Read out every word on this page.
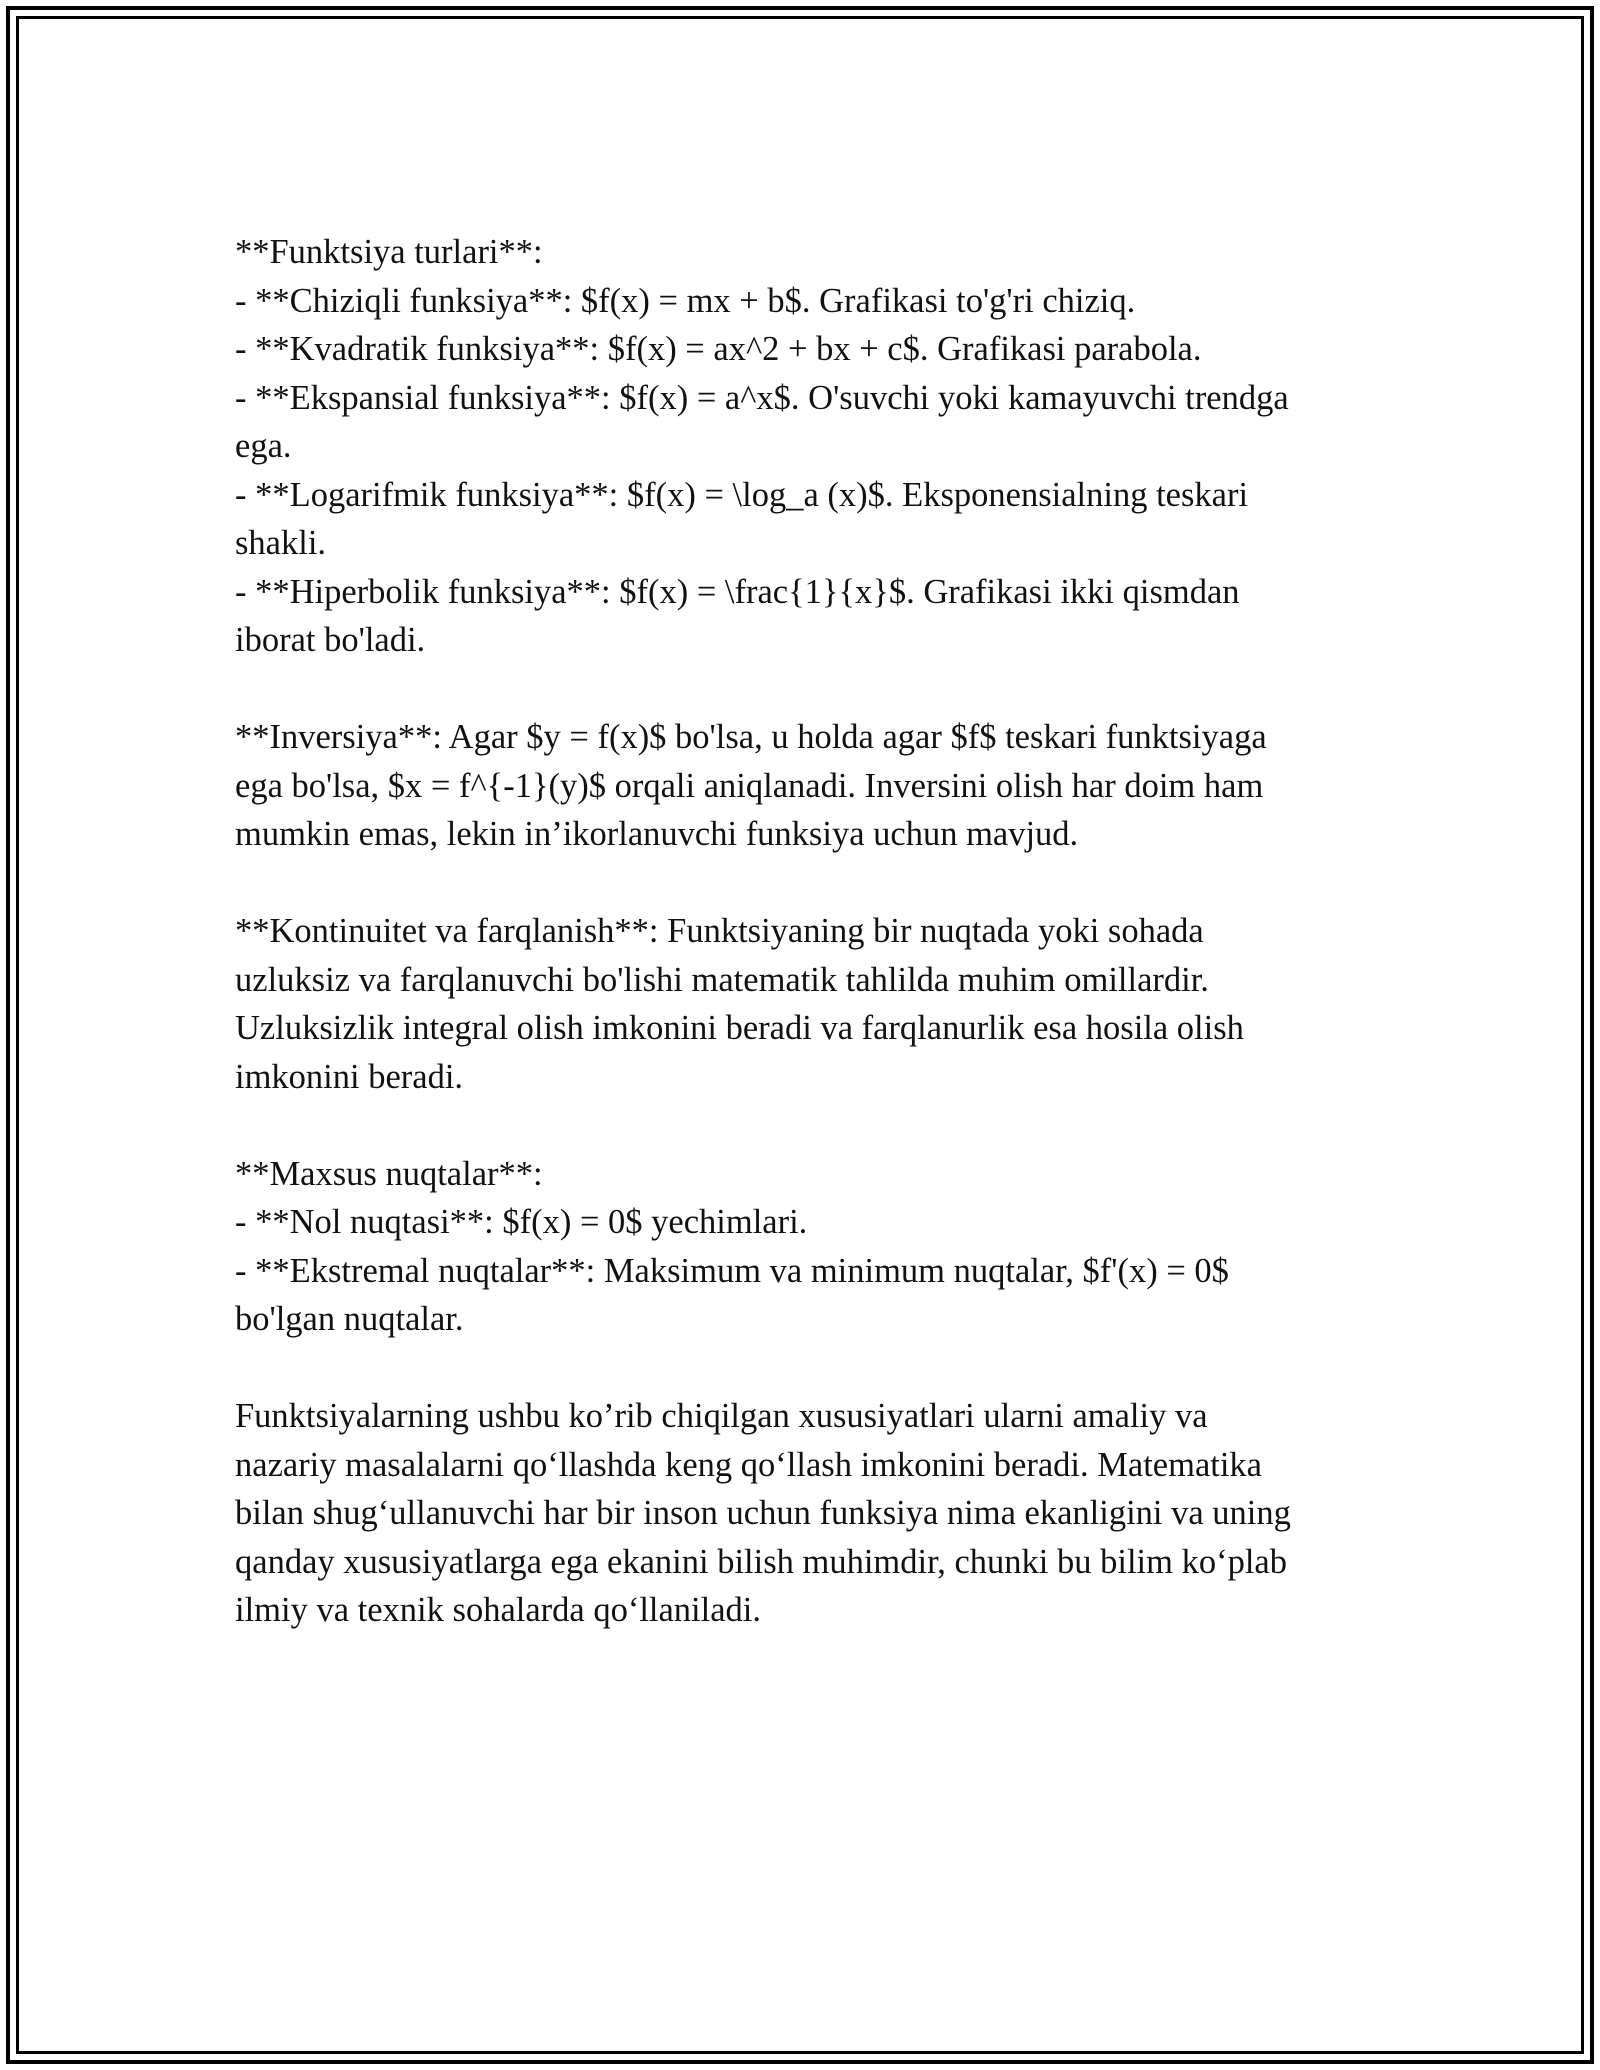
**Funktsiya turlari**:
- **Chiziqli funksiya**: $f(x) = mx + b$. Grafikasi to'g'ri chiziq.
- **Kvadratik funksiya**: $f(x) = ax^2 + bx + c$. Grafikasi parabola.
- **Ekspansial funksiya**: $f(x) = a^x$. O'suvchi yoki kamayuvchi trendga
ega.
- **Logarifmik funksiya**: $f(x) = \log_a (x)$. Eksponensialning teskari
shakli.
- **Hiperbolik funksiya**: $f(x) = \frac{1}{x}$. Grafikasi ikki qismdan
iborat bo'ladi.
**Inversiya**: Agar $y = f(x)$ bo'lsa, u holda agar $f$ teskari funktsiyaga
ega bo'lsa, $x = f^{-1}(y)$ orqali aniqlanadi. Inversini olish har doim ham
mumkin emas, lekin in’ikorlanuvchi funksiya uchun mavjud.
**Kontinuitet va farqlanish**: Funktsiyaning bir nuqtada yoki sohada
uzluksiz va farqlanuvchi bo'lishi matematik tahlilda muhim omillardir.
Uzluksizlik integral olish imkonini beradi va farqlanurlik esa hosila olish
imkonini beradi.
**Maxsus nuqtalar**:
- **Nol nuqtasi**: $f(x) = 0$ yechimlari.
- **Ekstremal nuqtalar**: Maksimum va minimum nuqtalar, $f'(x) = 0$
bo'lgan nuqtalar.
Funktsiyalarning ushbu ko’rib chiqilgan xususiyatlari ularni amaliy va
nazariy masalalarni qo‘llashda keng qo‘llash imkonini beradi. Matematika
bilan shug‘ullanuvchi har bir inson uchun funksiya nima ekanligini va uning
qanday xususiyatlarga ega ekanini bilish muhimdir, chunki bu bilim ko‘plab
ilmiy va texnik sohalarda qo‘llaniladi.
